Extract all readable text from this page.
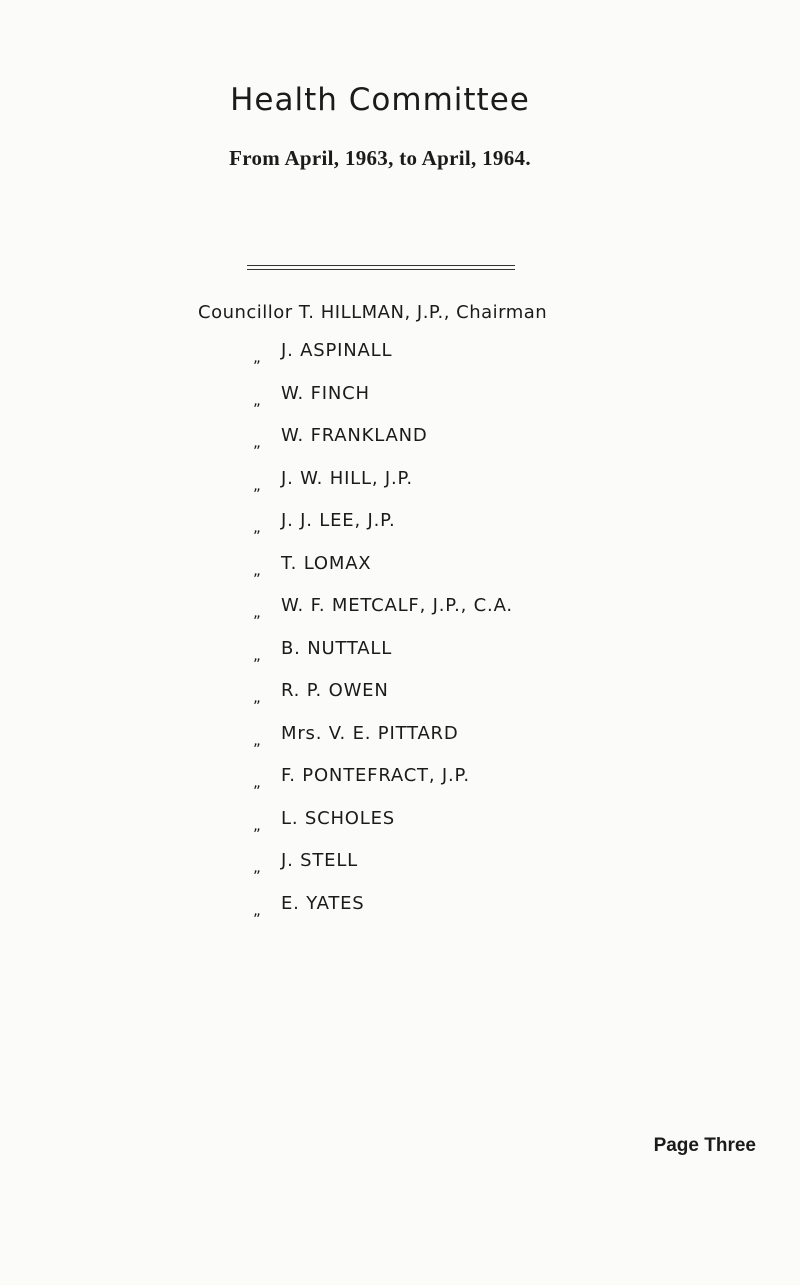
Health Committee

From April, 1963, to April, 1964.

Councillor T. HILLMAN, J.P., Chairman
„ J. ASPINALL
„ W. FINCH
„ W. FRANKLAND
„ J. W. HILL, J.P.
„ J. J. LEE, J.P.
„ T. LOMAX
„ W. F. METCALF, J.P., C.A.
„ B. NUTTALL
„ R. P. OWEN
„ Mrs. V. E. PITTARD
„ F. PONTEFRACT, J.P.
„ L. SCHOLES
„ J. STELL
„ E. YATES
Page Three
